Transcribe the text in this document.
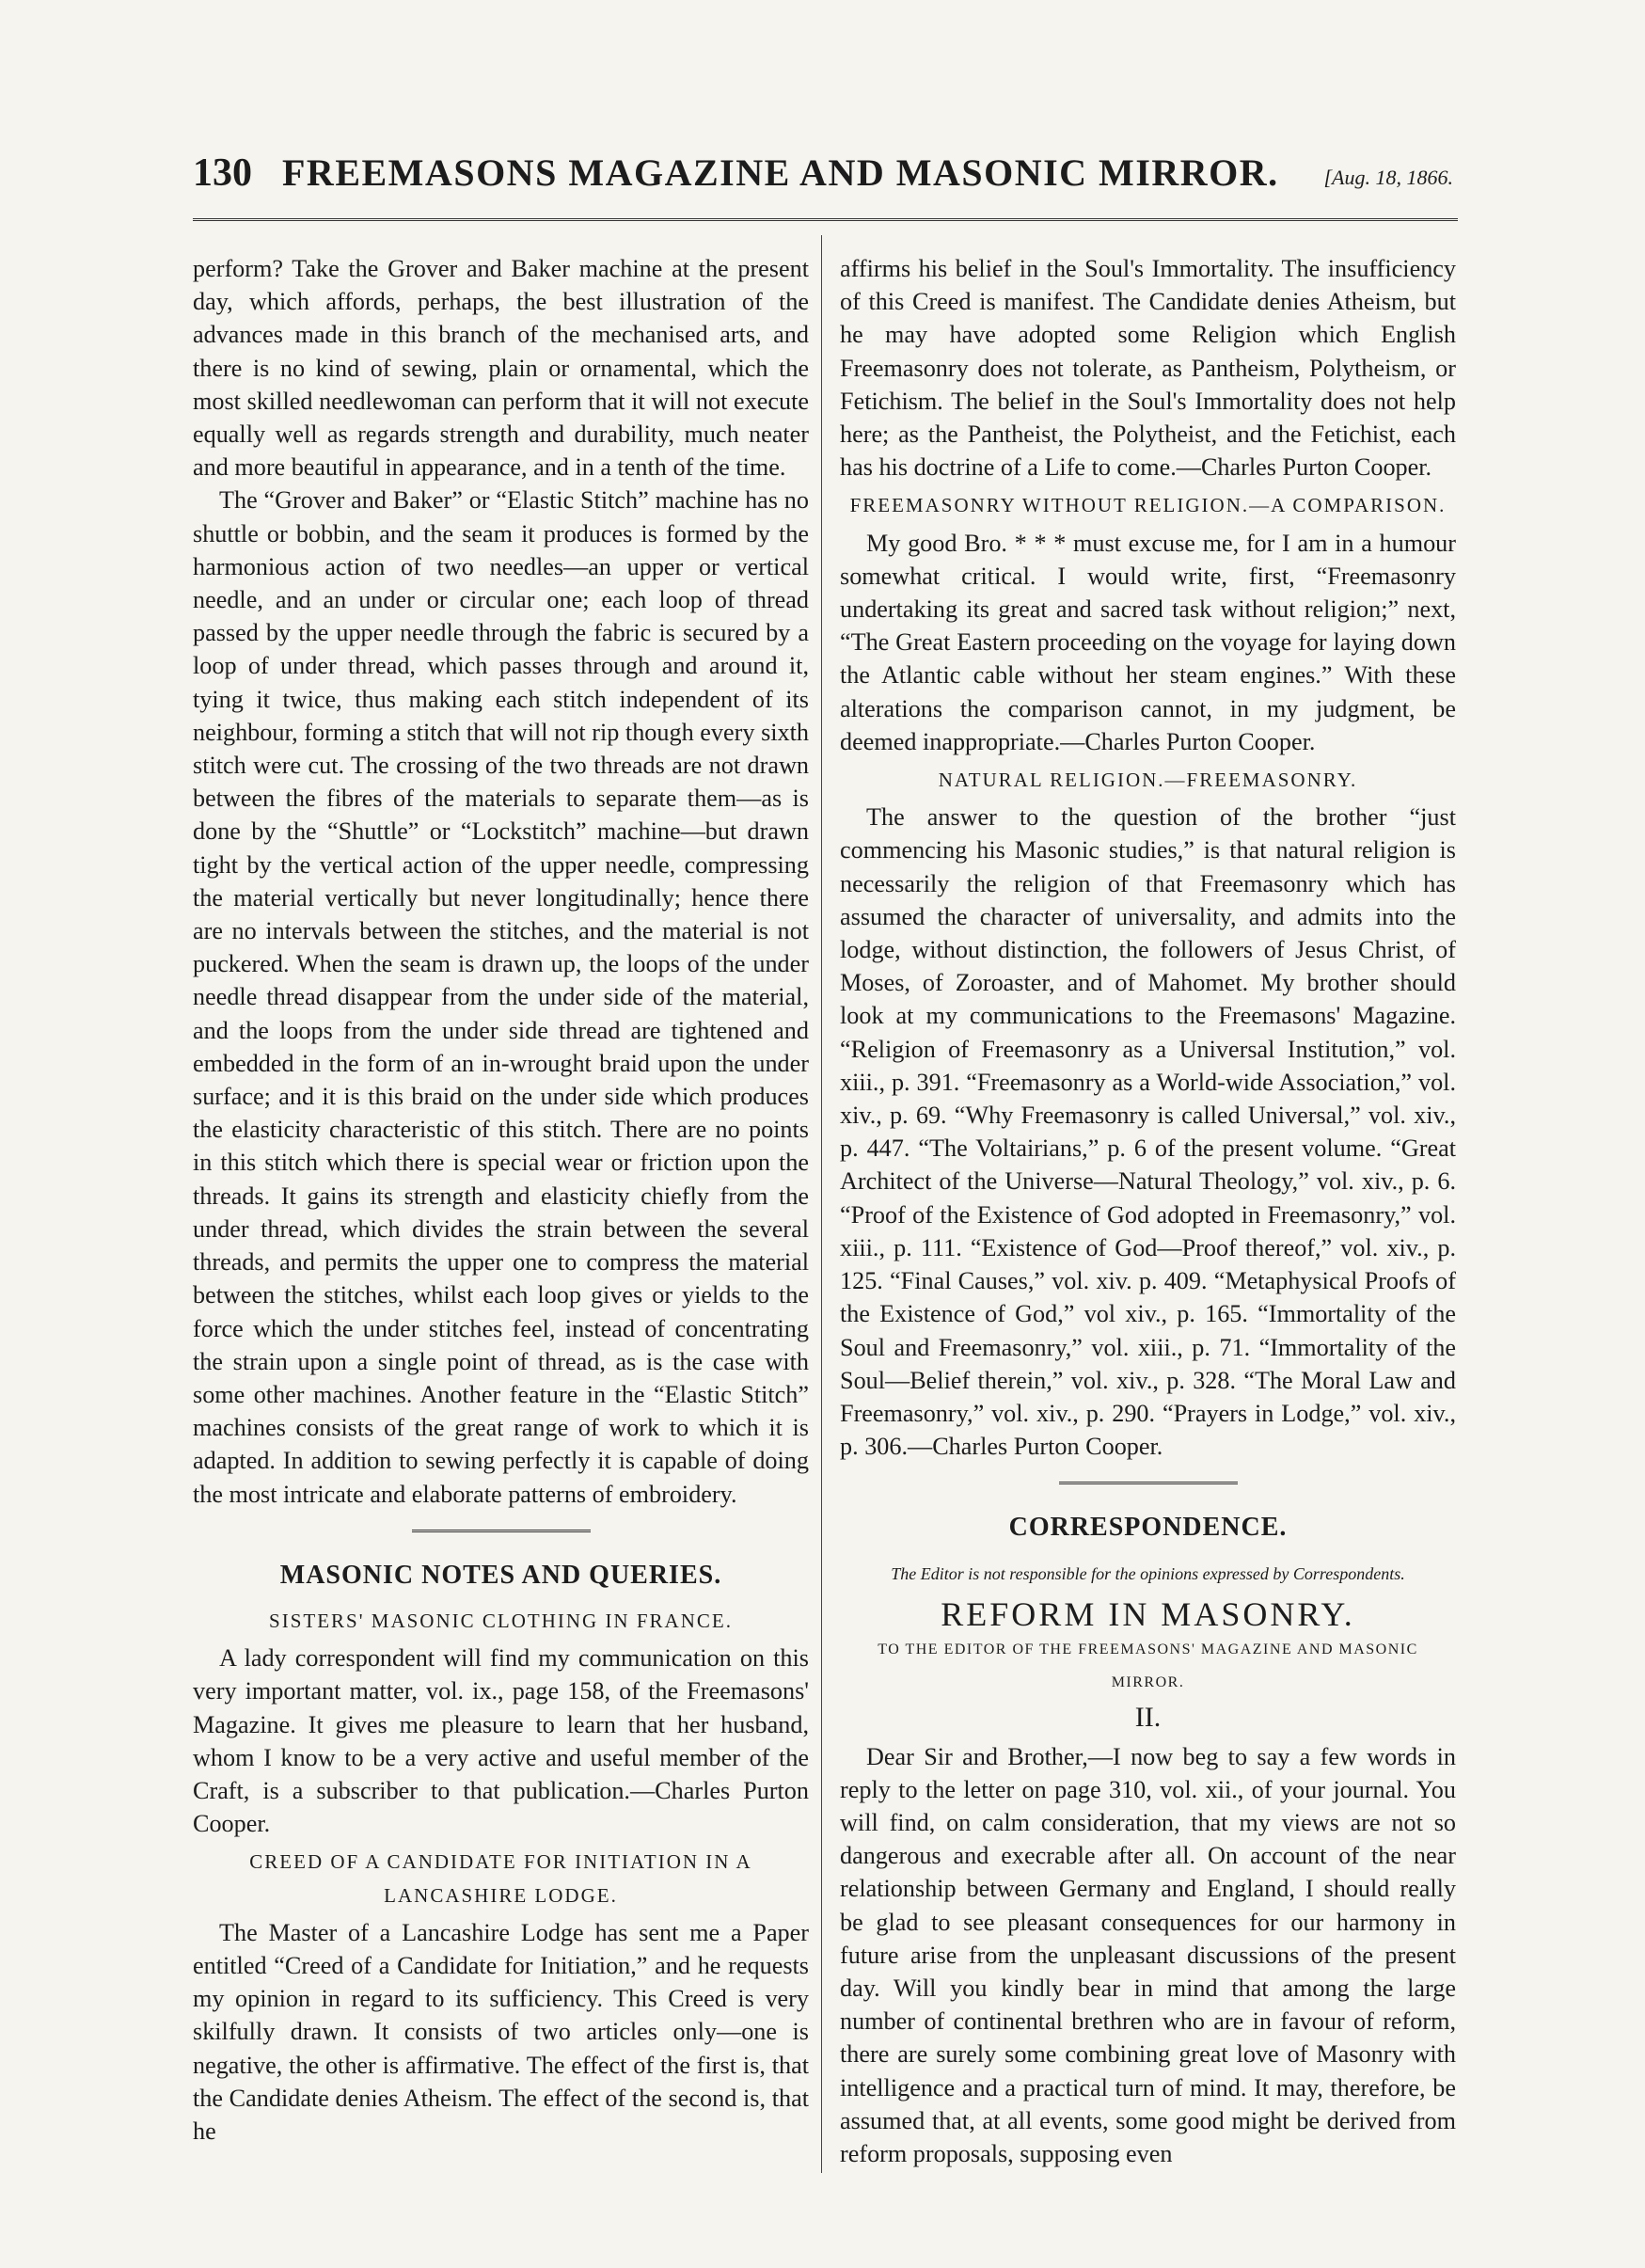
130 FREEMASONS MAGAZINE AND MASONIC MIRROR. [Aug. 18, 1866.

perform? Take the Grover and Baker machine at the present day, which affords, perhaps, the best illustration of the advances made in this branch of the mechanised arts, and there is no kind of sewing, plain or ornamental, which the most skilled needlewoman can perform that it will not execute equally well as regards strength and durability, much neater and more beautiful in appearance, and in a tenth of the time.

The “Grover and Baker” or “Elastic Stitch” machine has no shuttle or bobbin, and the seam it produces is formed by the harmonious action of two needles—an upper or vertical needle, and an under or circular one; each loop of thread passed by the upper needle through the fabric is secured by a loop of under thread, which passes through and around it, tying it twice, thus making each stitch independent of its neighbour, forming a stitch that will not rip though every sixth stitch were cut. The crossing of the two threads are not drawn between the fibres of the materials to separate them—as is done by the “Shuttle” or “Lockstitch” machine—but drawn tight by the vertical action of the upper needle, compressing the material vertically but never longitudinally; hence there are no intervals between the stitches, and the material is not puckered. When the seam is drawn up, the loops of the under needle thread disappear from the under side of the material, and the loops from the under side thread are tightened and embedded in the form of an in-wrought braid upon the under surface; and it is this braid on the under side which produces the elasticity characteristic of this stitch. There are no points in this stitch which there is special wear or friction upon the threads. It gains its strength and elasticity chiefly from the under thread, which divides the strain between the several threads, and permits the upper one to compress the material between the stitches, whilst each loop gives or yields to the force which the under stitches feel, instead of concentrating the strain upon a single point of thread, as is the case with some other machines. Another feature in the “Elastic Stitch” machines consists of the great range of work to which it is adapted. In addition to sewing perfectly it is capable of doing the most intricate and elaborate patterns of embroidery.

MASONIC NOTES AND QUERIES.
SISTERS' MASONIC CLOTHING IN FRANCE.

A lady correspondent will find my communication on this very important matter, vol. ix., page 158, of the Freemasons' Magazine. It gives me pleasure to learn that her husband, whom I know to be a very active and useful member of the Craft, is a subscriber to that publication.—Charles Purton Cooper.

CREED OF A CANDIDATE FOR INITIATION IN A LANCASHIRE LODGE.

The Master of a Lancashire Lodge has sent me a Paper entitled “Creed of a Candidate for Initiation,” and he requests my opinion in regard to its sufficiency. This Creed is very skilfully drawn. It consists of two articles only—one is negative, the other is affirmative. The effect of the first is, that the Candidate denies Atheism. The effect of the second is, that he

affirms his belief in the Soul's Immortality. The insufficiency of this Creed is manifest. The Candidate denies Atheism, but he may have adopted some Religion which English Freemasonry does not tolerate, as Pantheism, Polytheism, or Fetichism. The belief in the Soul's Immortality does not help here; as the Pantheist, the Polytheist, and the Fetichist, each has his doctrine of a Life to come.—Charles Purton Cooper.

FREEMASONRY WITHOUT RELIGION.—A COMPARISON.

My good Bro. * * * must excuse me, for I am in a humour somewhat critical. I would write, first, “Freemasonry undertaking its great and sacred task without religion;” next, “The Great Eastern proceeding on the voyage for laying down the Atlantic cable without her steam engines.” With these alterations the comparison cannot, in my judgment, be deemed inappropriate.—Charles Purton Cooper.

NATURAL RELIGION.—FREEMASONRY.

The answer to the question of the brother “just commencing his Masonic studies,” is that natural religion is necessarily the religion of that Freemasonry which has assumed the character of universality, and admits into the lodge, without distinction, the followers of Jesus Christ, of Moses, of Zoroaster, and of Mahomet. My brother should look at my communications to the Freemasons' Magazine. “Religion of Freemasonry as a Universal Institution,” vol. xiii., p. 391. “Freemasonry as a World-wide Association,” vol. xiv., p. 69. “Why Freemasonry is called Universal,” vol. xiv., p. 447. “The Voltairians,” p. 6 of the present volume. “Great Architect of the Universe—Natural Theology,” vol. xiv., p. 6. “Proof of the Existence of God adopted in Freemasonry,” vol. xiii., p. 111. “Existence of God—Proof thereof,” vol. xiv., p. 125. “Final Causes,” vol. xiv. p. 409. “Metaphysical Proofs of the Existence of God,” vol xiv., p. 165. “Immortality of the Soul and Freemasonry,” vol. xiii., p. 71. “Immortality of the Soul—Belief therein,” vol. xiv., p. 328. “The Moral Law and Freemasonry,” vol. xiv., p. 290. “Prayers in Lodge,” vol. xiv., p. 306.—Charles Purton Cooper.

CORRESPONDENCE.
The Editor is not responsible for the opinions expressed by Correspondents.
REFORM IN MASONRY.
TO THE EDITOR OF THE FREEMASONS' MAGAZINE AND MASONIC MIRROR.
II.

Dear Sir and Brother,—I now beg to say a few words in reply to the letter on page 310, vol. xii., of your journal. You will find, on calm consideration, that my views are not so dangerous and execrable after all. On account of the near relationship between Germany and England, I should really be glad to see pleasant consequences for our harmony in future arise from the unpleasant discussions of the present day. Will you kindly bear in mind that among the large number of continental brethren who are in favour of reform, there are surely some combining great love of Masonry with intelligence and a practical turn of mind. It may, therefore, be assumed that, at all events, some good might be derived from reform proposals, supposing even
